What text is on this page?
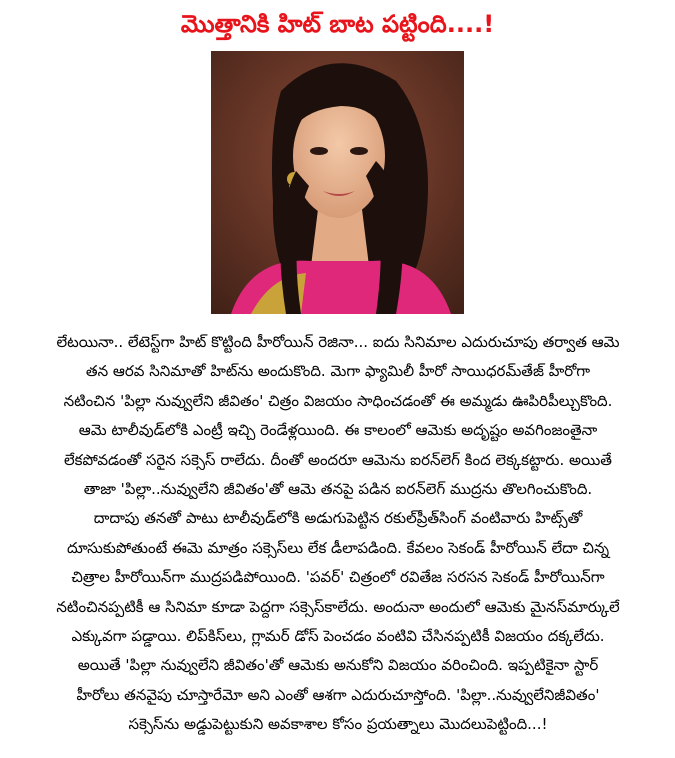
మొత్తానికి హిట్ బాట పట్టింది....!
లేటయినా.. లేటెస్ట్‌గా హిట్ కొట్టింది హీరోయిన్ రెజినా... ఐదు సినిమాల ఎదురుచూపు తర్వాత ఆమె
తన ఆరవ సినిమాతో హిట్‌ను అందుకొంది. మెగా ఫ్యామిలీ హీరో సాయిధరమ్‌తేజ్ హీరోగా
నటించిన 'పిల్లా నువ్వులేని జీవితం' చిత్రం విజయం సాధించడంతో ఈ అమ్మడు ఊపిరిపీల్చుకొంది.
ఆమె టాలీవుడ్‌లోకి ఎంట్రీ ఇచ్చి రెండేళ్లయింది. ఈ కాలంలో ఆమెకు అదృష్టం అవగింజంతైనా
లేకపోవడంతో సరైన సక్సెస్ రాలేదు. దీంతో అందరూ ఆమెను ఐరన్‌లెగ్ కింద లెక్కకట్టారు. అయితే
తాజా 'పిల్లా..నువ్వులేని జీవితం'తో ఆమె తనపై పడిన ఐరన్‌లెగ్ ముద్రను తొలగించుకొంది.
దాదాపు తనతో పాటు టాలీవుడ్‌లోకి అడుగుపెట్టిన రకుల్‌ప్రీత్‌సింగ్ వంటివారు హిట్స్‌తో
దూసుకుపోతుంటే ఈమె మాత్రం సక్సెస్‌లు లేక డీలాపడింది. కేవలం సెకండ్ హీరోయిన్ లేదా చిన్న
చిత్రాల హీరోయిన్‌గా ముద్రపడిపోయింది. 'పవర్' చిత్రంలో రవితేజ సరసన సెకండ్ హీరోయిన్‌గా
నటించినప్పటికీ ఆ సినిమా కూడా పెద్దగా సక్సెస్‌కాలేదు. అందునా అందులో ఆమెకు మైనస్‌మార్కులే
ఎక్కువగా పడ్డాయి. లిప్‌కిస్‌లు, గ్లామర్ డోస్ పెంచడం వంటివి చేసినప్పటికీ విజయం దక్కలేదు.
అయితే 'పిల్లా నువ్వులేని జీవితం'తో ఆమెకు అనుకోని విజయం వరించింది. ఇప్పటికైనా స్టార్
హీరోలు తనవైపు చూస్తారేమో అని ఎంతో ఆశగా ఎదురుచూస్తోంది. 'పిల్లా..నువ్వులేనిజీవితం'
సక్సెస్‌ను అడ్డుపెట్టుకుని అవకాశాల కోసం ప్రయత్నాలు మొదలుపెట్టింది...!
